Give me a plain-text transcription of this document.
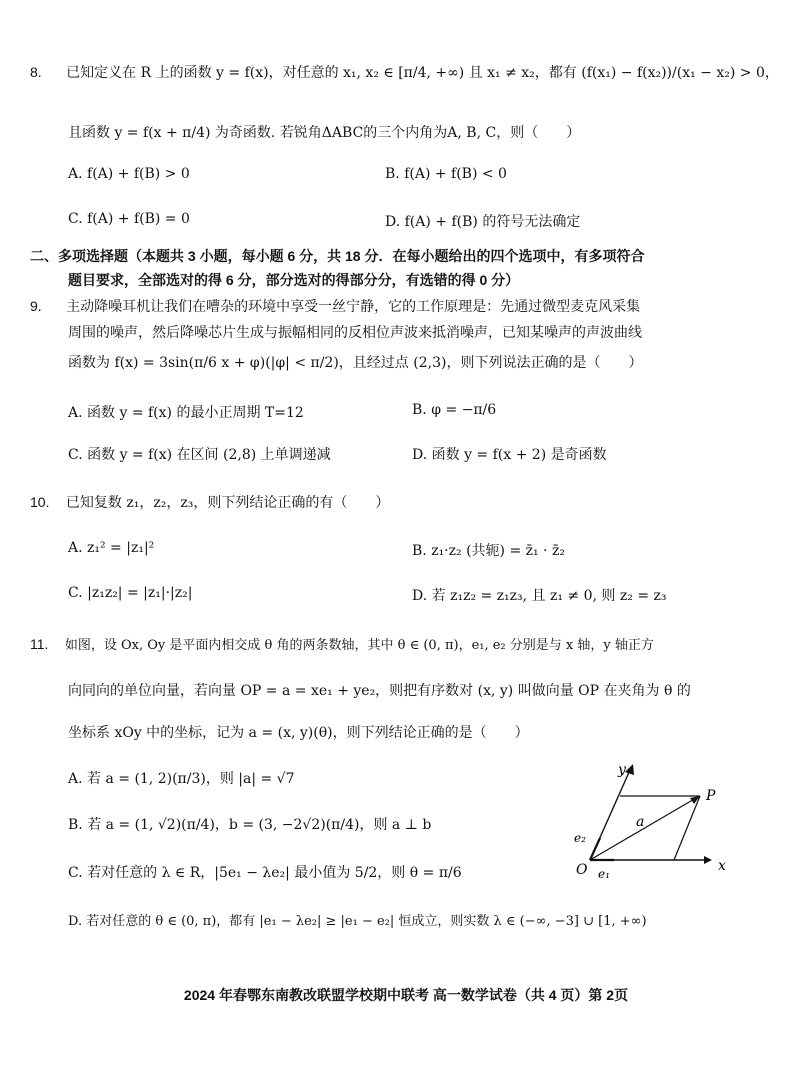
8. 已知定义在 R 上的函数 y = f(x)，对任意的 x₁, x₂ ∈ [π/4, +∞) 且 x₁ ≠ x₂，都有 (f(x₁) − f(x₂))/(x₁ − x₂) > 0，
且函数 y = f(x + π/4) 为奇函数. 若锐角ΔABC的三个内角为A, B, C，则（　　）
A. f(A) + f(B) > 0	B. f(A) + f(B) < 0
C. f(A) + f(B) = 0	D. f(A) + f(B) 的符号无法确定
二、多项选择题（本题共 3 小题，每小题 6 分，共 18 分．在每小题给出的四个选项中，有多项符合
题目要求，全部选对的得 6 分，部分选对的得部分分，有选错的得 0 分）
9. 主动降噪耳机让我们在嘈杂的环境中享受一丝宁静，它的工作原理是：先通过微型麦克风采集
周围的噪声，然后降噪芯片生成与振幅相同的反相位声波来抵消噪声，已知某噪声的声波曲线
函数为 f(x) = 3sin(π/6 x + φ)(|φ| < π/2)，且经过点 (2,3)，则下列说法正确的是（　　）
A. 函数 y = f(x) 的最小正周期 T=12	B. φ = −π/6
C. 函数 y = f(x) 在区间 (2,8) 上单调递减	D. 函数 y = f(x + 2) 是奇函数
10. 已知复数 z₁，z₂，z₃，则下列结论正确的有（　　）
A. z₁² = |z₁|²	B. z₁·z₂ (共轭) = z̄₁ · z̄₂
C. |z₁z₂| = |z₁|·|z₂|	D. 若 z₁z₂ = z₁z₃, 且 z₁ ≠ 0, 则 z₂ = z₃
11. 如图，设 Ox, Oy 是平面内相交成 θ 角的两条数轴，其中 θ ∈ (0, π)，e₁, e₂ 分别是与 x 轴，y 轴正方
向同向的单位向量，若向量 OP = a = xe₁ + ye₂，则把有序数对 (x, y) 叫做向量 OP 在夹角为 θ 的
坐标系 xOy 中的坐标，记为 a = (x, y)(θ)，则下列结论正确的是（　　）
A. 若 a = (1, 2)(π/3)，则 |a| = √7
B. 若 a = (1, √2)(π/4)，b = (3, −2√2)(π/4)，则 a ⊥ b
C. 若对任意的 λ ∈ R，|5e₁ − λe₂| 最小值为 5/2，则 θ = π/6
D. 若对任意的 θ ∈ (0, π)，都有 |e₁ − λe₂| ≥ |e₁ − e₂| 恒成立，则实数 λ ∈ (−∞, −3] ∪ [1, +∞)
y
x
O
P
a
e₁
e₂
2024 年春鄂东南教改联盟学校期中联考 高一数学试卷（共 4 页）第 2页
